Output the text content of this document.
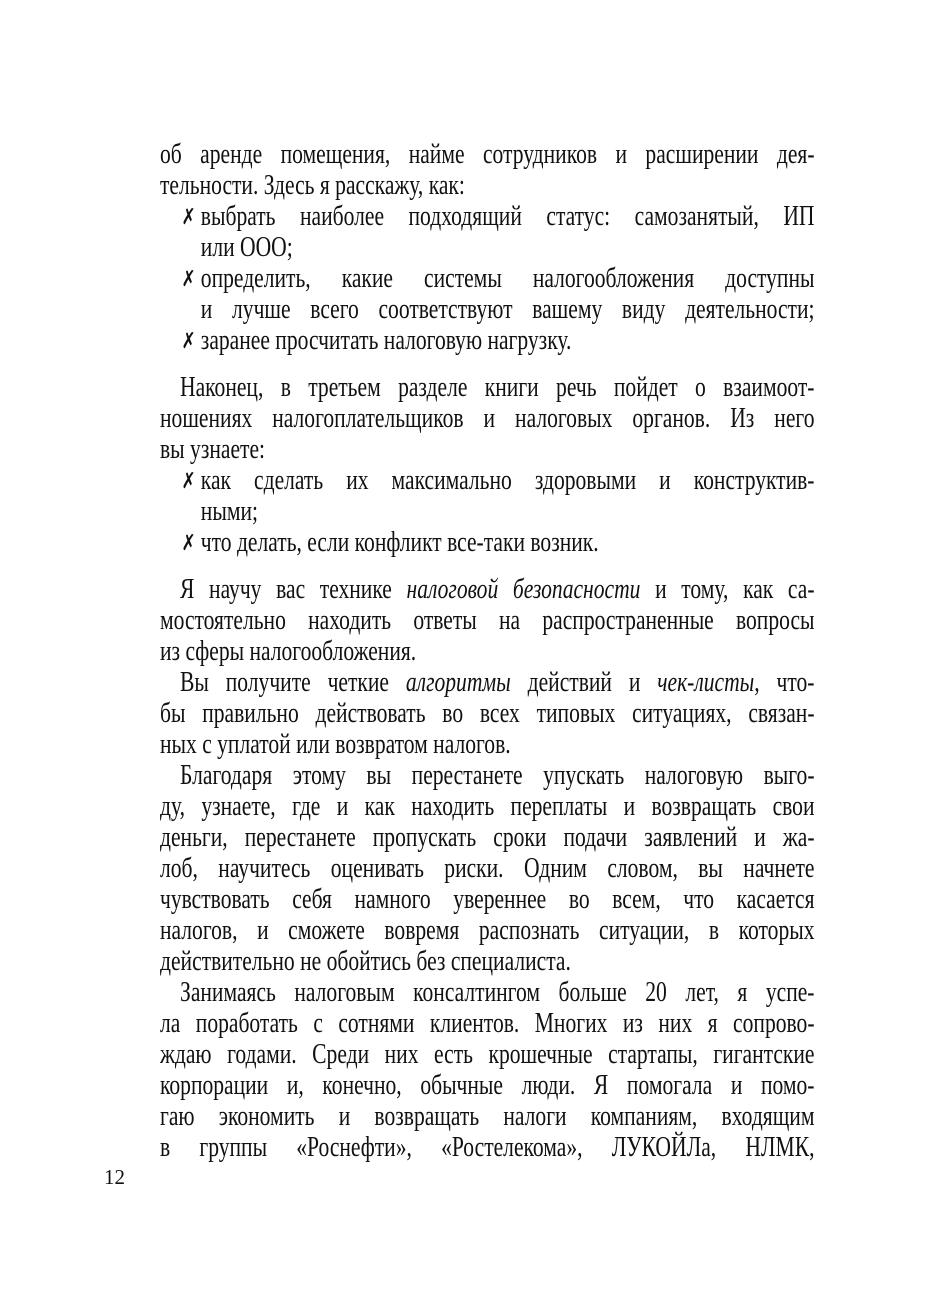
об аренде помещения, найме сотрудников и расширении дея-
тельности. Здесь я расскажу, как:
✗ выбрать наиболее подходящий статус: самозанятый, ИП
или ООО;
✗ определить, какие системы налогообложения доступны
и лучше всего соответствуют вашему виду деятельности;
✗ заранее просчитать налоговую нагрузку.
Наконец, в третьем разделе книги речь пойдет о взаимоот-
ношениях налогоплательщиков и налоговых органов. Из него
вы узнаете:
✗ как сделать их максимально здоровыми и конструктив-
ными;
✗ что делать, если конфликт все-таки возник.
Я научу вас технике налоговой безопасности и тому, как са-
мостоятельно находить ответы на распространенные вопросы
из сферы налогообложения.
Вы получите четкие алгоритмы действий и чек-листы, что-
бы правильно действовать во всех типовых ситуациях, связан-
ных с уплатой или возвратом налогов.
Благодаря этому вы перестанете упускать налоговую выго-
ду, узнаете, где и как находить переплаты и возвращать свои
деньги, перестанете пропускать сроки подачи заявлений и жа-
лоб, научитесь оценивать риски. Одним словом, вы начнете
чувствовать себя намного увереннее во всем, что касается
налогов, и сможете вовремя распознать ситуации, в которых
действительно не обойтись без специалиста.
Занимаясь налоговым консалтингом больше 20 лет, я успе-
ла поработать с сотнями клиентов. Многих из них я сопрово-
ждаю годами. Среди них есть крошечные стартапы, гигантские
корпорации и, конечно, обычные люди. Я помогала и помо-
гаю экономить и возвращать налоги компаниям, входящим
в группы «Роснефти», «Ростелекома», ЛУКОЙЛа, НЛМК,
12
